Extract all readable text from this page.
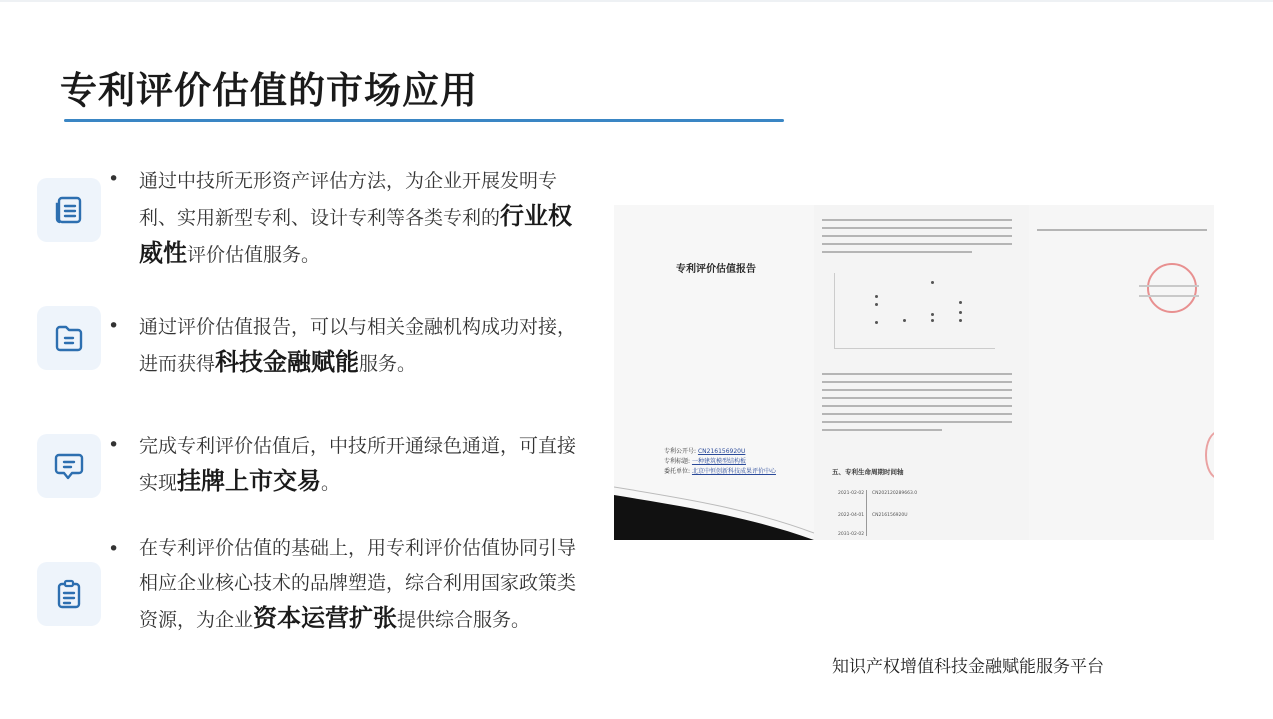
专利评价估值的市场应用
• 通过中技所无形资产评估方法，为企业开展发明专利、实用新型专利、设计专利等各类专利的行业权威性评价估值服务。
• 通过评价估值报告，可以与相关金融机构成功对接，进而获得科技金融赋能服务。
• 完成专利评价估值后，中技所开通绿色通道，可直接实现挂牌上市交易。
• 在专利评价估值的基础上，用专利评价估值协同引导相应企业核心技术的品牌塑造，综合利用国家政策类资源，为企业资本运营扩张提供综合服务。
专利评价估值报告
专利公开号: CN216156920U
专利标题: 一种建筑模型结构板
委托单位: 北京中恒创新科技成果评价中心	五、专利生命周期时间轴
2021-02-02 CN202120289663.0
2022-04-01 CN216156920U
2031-02-02
知识产权增值科技金融赋能服务平台
